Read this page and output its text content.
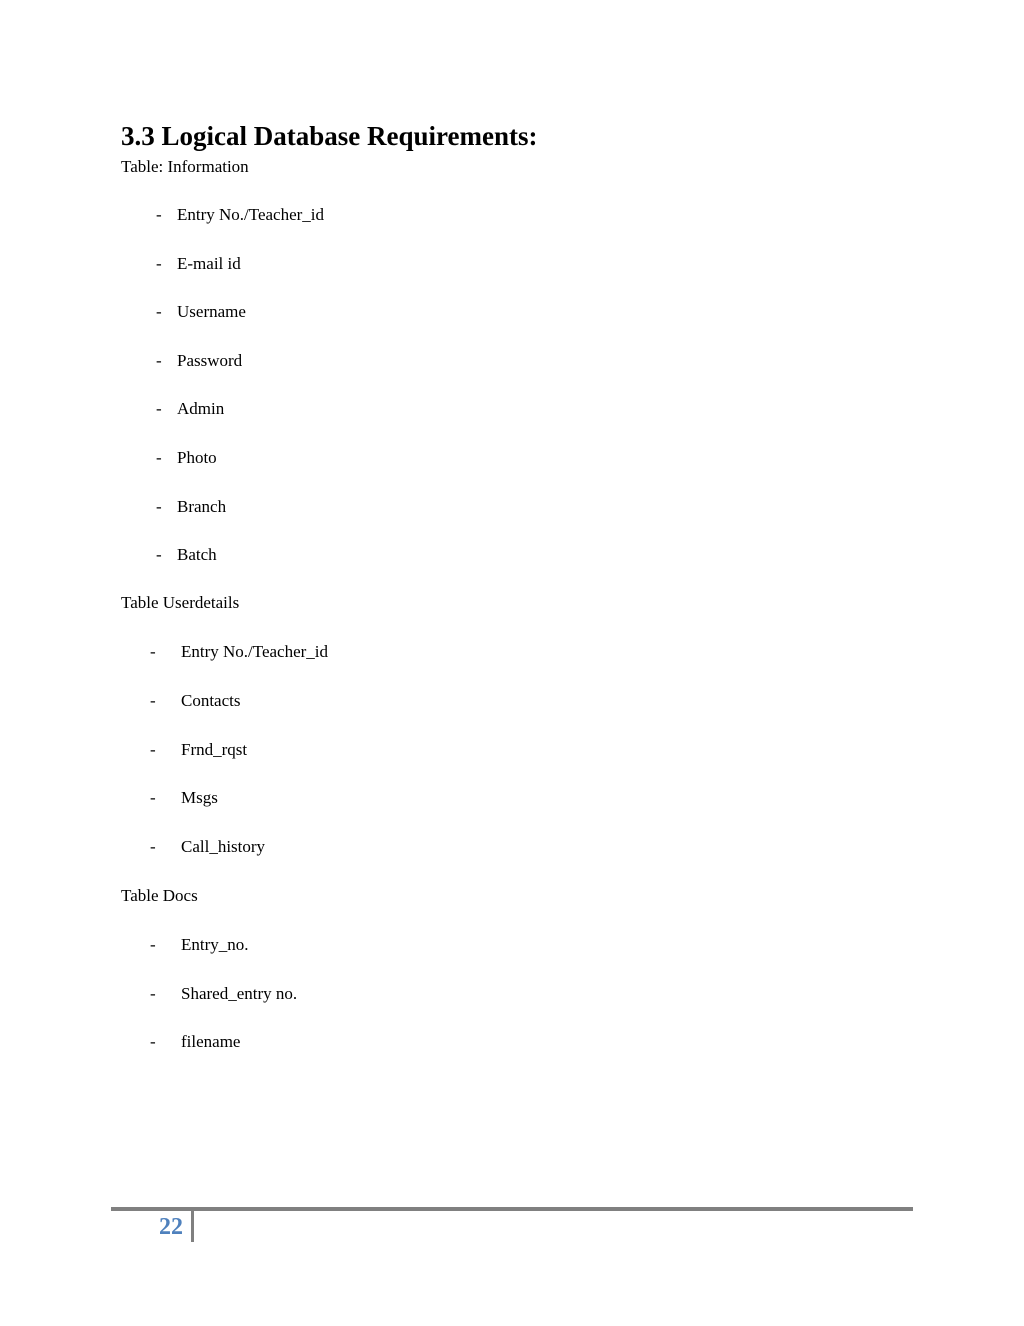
3.3 Logical Database Requirements:
Table: Information
- Entry No./Teacher_id
- E-mail id
- Username
- Password
- Admin
- Photo
- Branch
- Batch
Table Userdetails
- Entry No./Teacher_id
- Contacts
- Frnd_rqst
- Msgs
- Call_history
Table Docs
- Entry_no.
- Shared_entry no.
- filename
22
